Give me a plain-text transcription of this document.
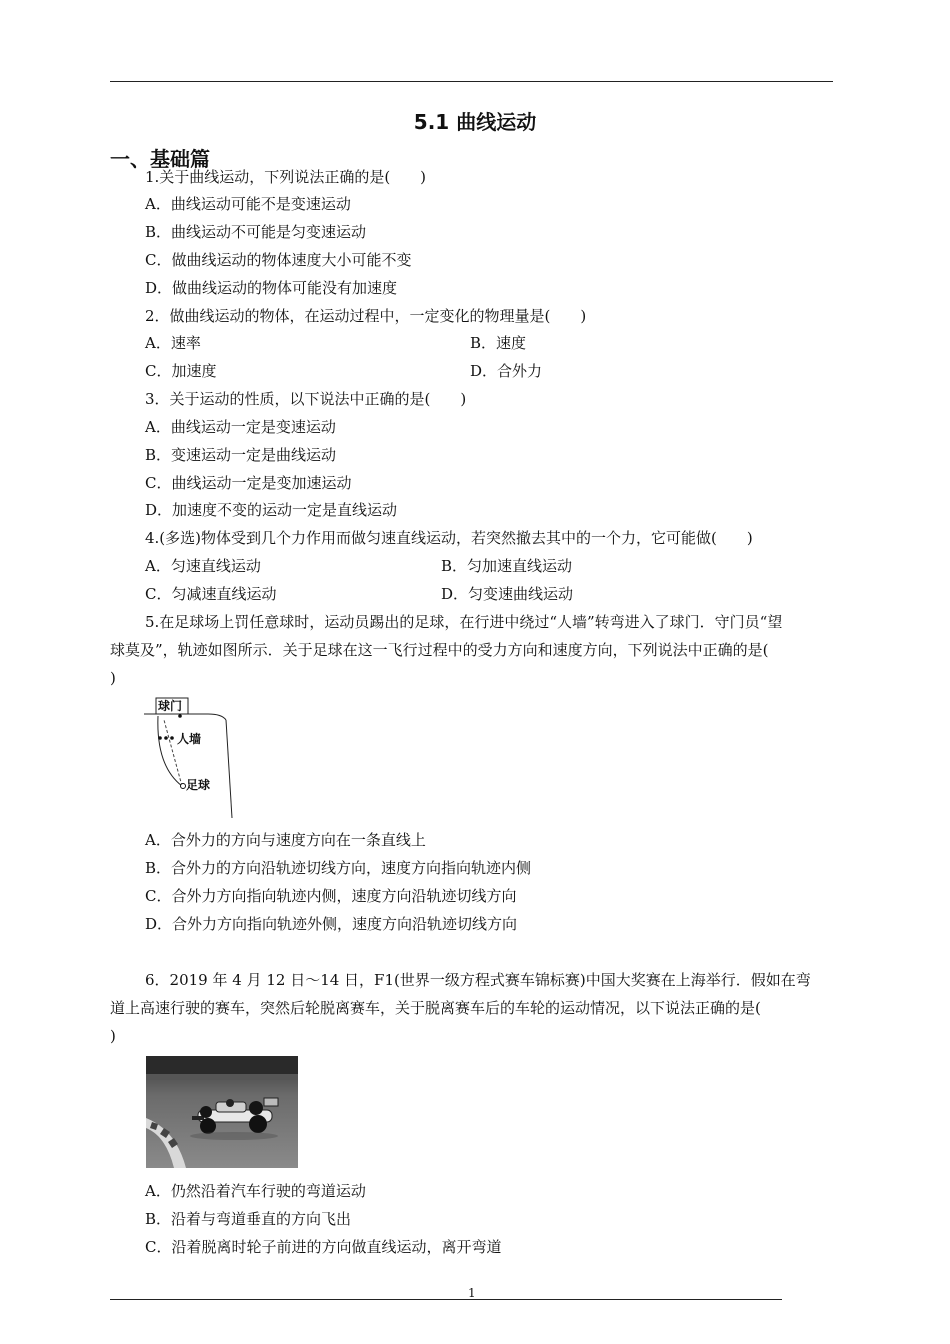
5.1 曲线运动
一、基础篇
1.关于曲线运动，下列说法正确的是(　　)
A．曲线运动可能不是变速运动
B．曲线运动不可能是匀变速运动
C．做曲线运动的物体速度大小可能不变
D．做曲线运动的物体可能没有加速度
2．做曲线运动的物体，在运动过程中，一定变化的物理量是(　　)
A．速率	B．速度
C．加速度	D．合外力
3．关于运动的性质，以下说法中正确的是(　　)
A．曲线运动一定是变速运动
B．变速运动一定是曲线运动
C．曲线运动一定是变加速运动
D．加速度不变的运动一定是直线运动
4.(多选)物体受到几个力作用而做匀速直线运动，若突然撤去其中的一个力，它可能做(　　)
A．匀速直线运动	B．匀加速直线运动
C．匀减速直线运动	D．匀变速曲线运动
5.在足球场上罚任意球时，运动员踢出的足球，在行进中绕过“人墙”转弯进入了球门．守门员“望
球莫及”，轨迹如图所示．关于足球在这一飞行过程中的受力方向和速度方向，下列说法中正确的是(
)
球门
人墙
足球
A．合外力的方向与速度方向在一条直线上
B．合外力的方向沿轨迹切线方向，速度方向指向轨迹内侧
C．合外力方向指向轨迹内侧，速度方向沿轨迹切线方向
D．合外力方向指向轨迹外侧，速度方向沿轨迹切线方向
6．2019 年 4 月 12 日～14 日，F1(世界一级方程式赛车锦标赛)中国大奖赛在上海举行．假如在弯
道上高速行驶的赛车，突然后轮脱离赛车，关于脱离赛车后的车轮的运动情况，以下说法正确的是(
)
A．仍然沿着汽车行驶的弯道运动
B．沿着与弯道垂直的方向飞出
C．沿着脱离时轮子前进的方向做直线运动，离开弯道
1
